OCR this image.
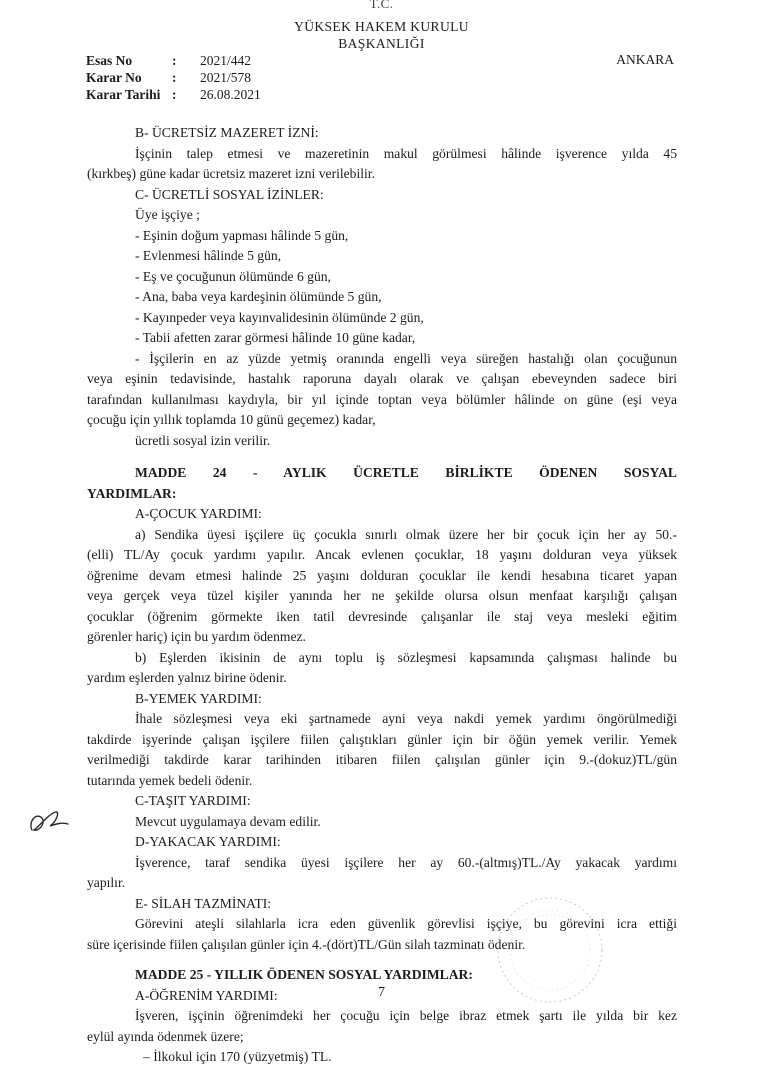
T.C.
YÜKSEK HAKEM KURULU
BAŞKANLIĞI
Esas No	: 2021/442
Karar No : 2021/578
Karar Tarihi : 26.08.2021
ANKARA
B- ÜCRETSİZ MAZERET İZNİ:
İşçinin talep etmesi ve mazeretinin makul görülmesi hâlinde işverence yılda 45
(kırkbeş) güne kadar ücretsiz mazeret izni verilebilir.
C- ÜCRETLİ SOSYAL İZİNLER:
Üye işçiye ;
- Eşinin doğum yapması hâlinde 5 gün,
- Evlenmesi hâlinde 5 gün,
- Eş ve çocuğunun ölümünde 6 gün,
- Ana, baba veya kardeşinin ölümünde 5 gün,
- Kayınpeder veya kayınvalidesinin ölümünde 2 gün,
- Tabii afetten zarar görmesi hâlinde 10 güne kadar,
- İşçilerin en az yüzde yetmiş oranında engelli veya süreğen hastalığı olan çocuğunun
veya eşinin tedavisinde, hastalık raporuna dayalı olarak ve çalışan ebeveynden sadece biri
tarafından kullanılması kaydıyla, bir yıl içinde toptan veya bölümler hâlinde on güne (eşi veya
çocuğu için yıllık toplamda 10 günü geçemez) kadar,
ücretli sosyal izin verilir.
MADDE 24 - AYLIK ÜCRETLE BİRLİKTE ÖDENEN SOSYAL
YARDIMLAR:
A-ÇOCUK YARDIMI:
a) Sendika üyesi işçilere üç çocukla sınırlı olmak üzere her bir çocuk için her ay 50.-
(elli) TL/Ay çocuk yardımı yapılır. Ancak evlenen çocuklar, 18 yaşını dolduran veya yüksek
öğrenime devam etmesi halinde 25 yaşını dolduran çocuklar ile kendi hesabına ticaret yapan
veya gerçek veya tüzel kişiler yanında her ne şekilde olursa olsun menfaat karşılığı çalışan
çocuklar (öğrenim görmekte iken tatil devresinde çalışanlar ile staj veya mesleki eğitim
görenler hariç) için bu yardım ödenmez.
b) Eşlerden ikisinin de aynı toplu iş sözleşmesi kapsamında çalışması halinde bu
yardım eşlerden yalnız birine ödenir.
B-YEMEK YARDIMI:
İhale sözleşmesi veya eki şartnamede ayni veya nakdi yemek yardımı öngörülmediği
takdirde işyerinde çalışan işçilere fiilen çalıştıkları günler için bir öğün yemek verilir. Yemek
verilmediği takdirde karar tarihinden itibaren fiilen çalışılan günler için 9.-(dokuz)TL/gün
tutarında yemek bedeli ödenir.
C-TAŞIT YARDIMI:
Mevcut uygulamaya devam edilir.
D-YAKACAK YARDIMI:
İşverence, taraf sendika üyesi işçilere her ay 60.-(altmış)TL./Ay yakacak yardımı
yapılır.
E- SİLAH TAZMİNATI:
Görevini ateşli silahlarla icra eden güvenlik görevlisi işçiye, bu görevini icra ettiği
süre içerisinde fiilen çalışılan günler için 4.-(dört)TL/Gün silah tazminatı ödenir.
MADDE 25 - YILLIK ÖDENEN SOSYAL YARDIMLAR:
A-ÖĞRENİM YARDIMI:
İşveren, işçinin öğrenimdeki her çocuğu için belge ibraz etmek şartı ile yılda bir kez
eylül ayında ödenmek üzere;
– İlkokul için 170 (yüzyetmiş) TL.
7
